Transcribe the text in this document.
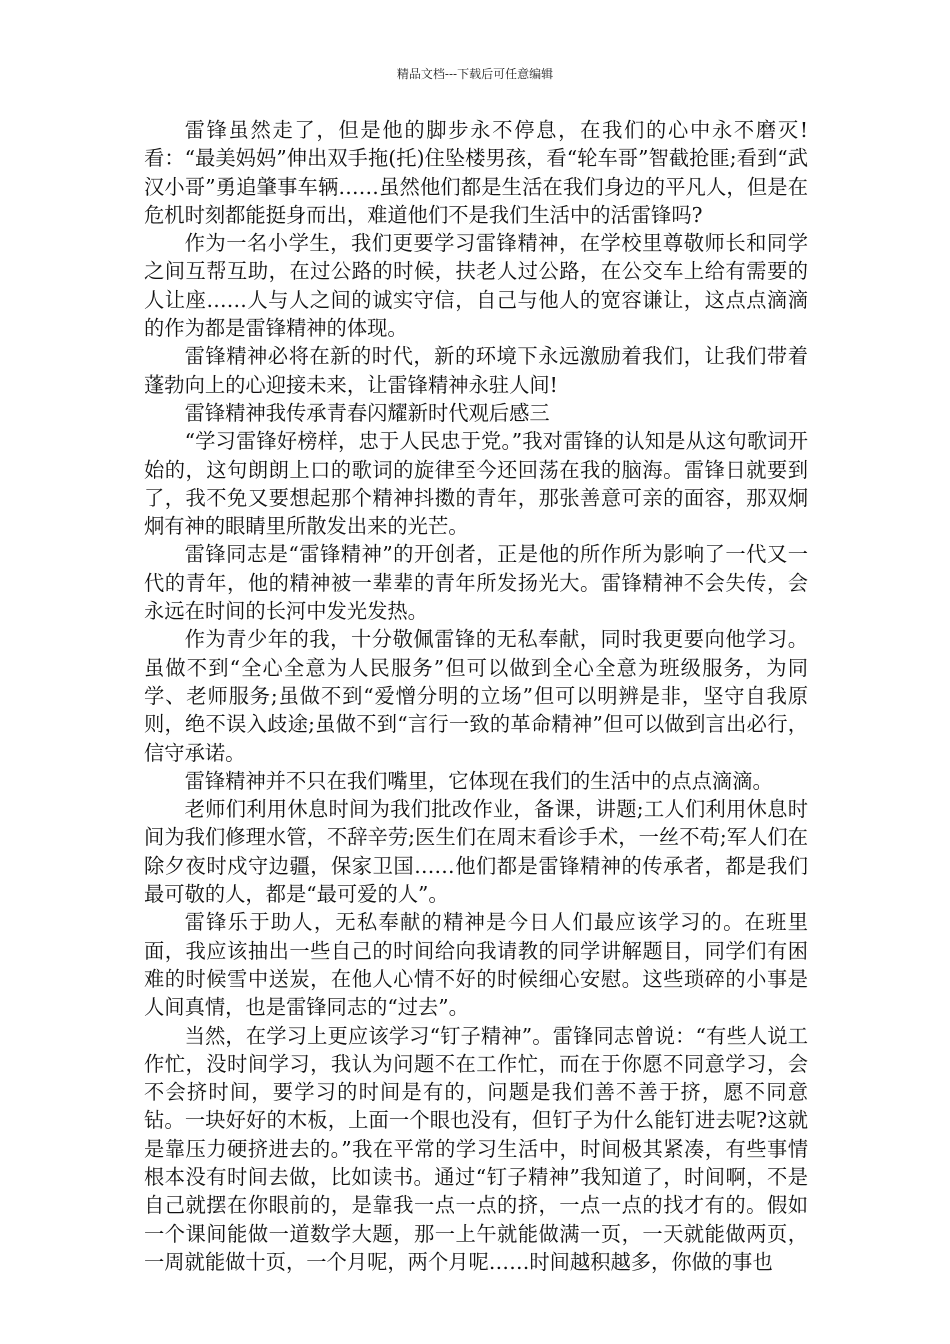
精品文档---下载后可任意编辑

雷锋虽然走了，但是他的脚步永不停息，在我们的心中永不磨灭!看：“最美妈妈”伸出双手拖(托)住坠楼男孩，看“轮车哥”智截抢匪;看到“武汉小哥”勇追肇事车辆……虽然他们都是生活在我们身边的平凡人，但是在危机时刻都能挺身而出，难道他们不是我们生活中的活雷锋吗?

作为一名小学生，我们更要学习雷锋精神，在学校里尊敬师长和同学之间互帮互助，在过公路的时候，扶老人过公路，在公交车上给有需要的人让座……人与人之间的诚实守信，自己与他人的宽容谦让，这点点滴滴的作为都是雷锋精神的体现。

雷锋精神必将在新的时代，新的环境下永远激励着我们，让我们带着蓬勃向上的心迎接未来，让雷锋精神永驻人间!

雷锋精神我传承青春闪耀新时代观后感三

“学习雷锋好榜样，忠于人民忠于党。”我对雷锋的认知是从这句歌词开始的，这句朗朗上口的歌词的旋律至今还回荡在我的脑海。雷锋日就要到了，我不免又要想起那个精神抖擞的青年，那张善意可亲的面容，那双炯炯有神的眼睛里所散发出来的光芒。

雷锋同志是“雷锋精神”的开创者，正是他的所作所为影响了一代又一代的青年，他的精神被一辈辈的青年所发扬光大。雷锋精神不会失传，会永远在时间的长河中发光发热。

作为青少年的我，十分敬佩雷锋的无私奉献，同时我更要向他学习。虽做不到“全心全意为人民服务”但可以做到全心全意为班级服务，为同学、老师服务;虽做不到“爱憎分明的立场”但可以明辨是非，坚守自我原则，绝不误入歧途;虽做不到“言行一致的革命精神”但可以做到言出必行，信守承诺。

雷锋精神并不只在我们嘴里，它体现在我们的生活中的点点滴滴。

老师们利用休息时间为我们批改作业，备课，讲题;工人们利用休息时间为我们修理水管，不辞辛劳;医生们在周末看诊手术，一丝不苟;军人们在除夕夜时戍守边疆，保家卫国……他们都是雷锋精神的传承者，都是我们最可敬的人，都是“最可爱的人”。

雷锋乐于助人，无私奉献的精神是今日人们最应该学习的。在班里面，我应该抽出一些自己的时间给向我请教的同学讲解题目，同学们有困难的时候雪中送炭，在他人心情不好的时候细心安慰。这些琐碎的小事是人间真情，也是雷锋同志的“过去”。

当然，在学习上更应该学习“钉子精神”。雷锋同志曾说：“有些人说工作忙，没时间学习，我认为问题不在工作忙，而在于你愿不同意学习，会不会挤时间，要学习的时间是有的，问题是我们善不善于挤，愿不同意钻。一块好好的木板，上面一个眼也没有，但钉子为什么能钉进去呢?这就是靠压力硬挤进去的。”我在平常的学习生活中，时间极其紧凑，有些事情根本没有时间去做，比如读书。通过“钉子精神”我知道了，时间啊，不是自己就摆在你眼前的，是靠我一点一点的挤，一点一点的找才有的。假如一个课间能做一道数学大题，那一上午就能做满一页，一天就能做两页，一周就能做十页，一个月呢，两个月呢……时间越积越多，你做的事也
